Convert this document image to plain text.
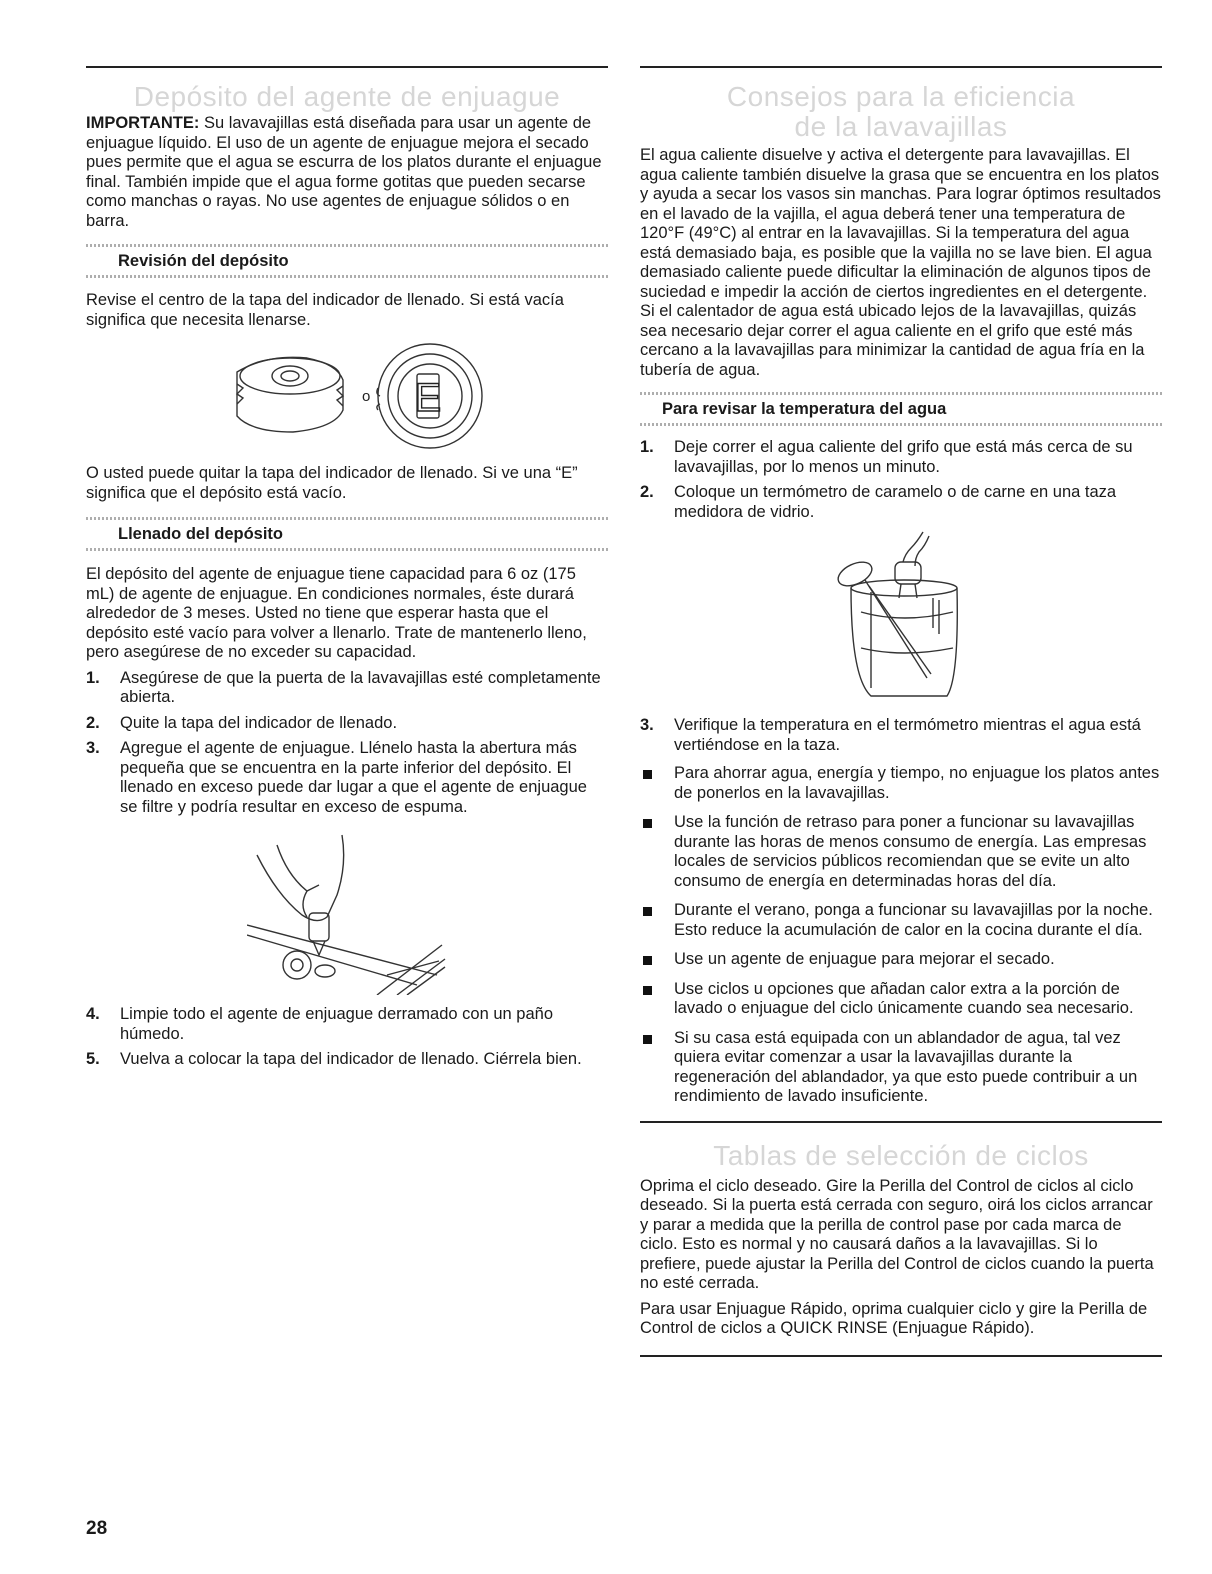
Depósito del agente de enjuague

IMPORTANTE: Su lavavajillas está diseñada para usar un agente de enjuague líquido. El uso de un agente de enjuague mejora el secado pues permite que el agua se escurra de los platos durante el enjuague final. También impide que el agua forme gotitas que pueden secarse como manchas o rayas. No use agentes de enjuague sólidos o en barra.

Revisión del depósito

Revise el centro de la tapa del indicador de llenado. Si está vacía significa que necesita llenarse.

o E

O usted puede quitar la tapa del indicador de llenado. Si ve una “E” significa que el depósito está vacío.

Llenado del depósito

El depósito del agente de enjuague tiene capacidad para 6 oz (175 mL) de agente de enjuague. En condiciones normales, éste durará alrededor de 3 meses. Usted no tiene que esperar hasta que el depósito esté vacío para volver a llenarlo. Trate de mantenerlo lleno, pero asegúrese de no exceder su capacidad.

1. Asegúrese de que la puerta de la lavavajillas esté completamente abierta.
2. Quite la tapa del indicador de llenado.
3. Agregue el agente de enjuague. Llénelo hasta la abertura más pequeña que se encuentra en la parte inferior del depósito. El llenado en exceso puede dar lugar a que el agente de enjuague se filtre y podría resultar en exceso de espuma.
4. Limpie todo el agente de enjuague derramado con un paño húmedo.
5. Vuelva a colocar la tapa del indicador de llenado. Ciérrela bien.
Consejos para la eficiencia
de la lavavajillas

El agua caliente disuelve y activa el detergente para lavavajillas. El agua caliente también disuelve la grasa que se encuentra en los platos y ayuda a secar los vasos sin manchas. Para lograr óptimos resultados en el lavado de la vajilla, el agua deberá tener una temperatura de 120°F (49°C) al entrar en la lavavajillas. Si la temperatura del agua está demasiado baja, es posible que la vajilla no se lave bien. El agua demasiado caliente puede dificultar la eliminación de algunos tipos de suciedad e impedir la acción de ciertos ingredientes en el detergente. Si el calentador de agua está ubicado lejos de la lavavajillas, quizás sea necesario dejar correr el agua caliente en el grifo que esté más cercano a la lavavajillas para minimizar la cantidad de agua fría en la tubería de agua.

Para revisar la temperatura del agua
1. Deje correr el agua caliente del grifo que está más cerca de su lavavajillas, por lo menos un minuto.
2. Coloque un termómetro de caramelo o de carne en una taza medidora de vidrio.
3. Verifique la temperatura en el termómetro mientras el agua está vertiéndose en la taza.
Para ahorrar agua, energía y tiempo, no enjuague los platos antes de ponerlos en la lavavajillas.
Use la función de retraso para poner a funcionar su lavavajillas durante las horas de menos consumo de energía. Las empresas locales de servicios públicos recomiendan que se evite un alto consumo de energía en determinadas horas del día.
Durante el verano, ponga a funcionar su lavavajillas por la noche. Esto reduce la acumulación de calor en la cocina durante el día.
Use un agente de enjuague para mejorar el secado.
Use ciclos u opciones que añadan calor extra a la porción de lavado o enjuague del ciclo únicamente cuando sea necesario.
Si su casa está equipada con un ablandador de agua, tal vez quiera evitar comenzar a usar la lavavajillas durante la regeneración del ablandador, ya que esto puede contribuir a un rendimiento de lavado insuficiente.
Tablas de selección de ciclos

Oprima el ciclo deseado. Gire la Perilla del Control de ciclos al ciclo deseado. Si la puerta está cerrada con seguro, oirá los ciclos arrancar y parar a medida que la perilla de control pase por cada marca de ciclo. Esto es normal y no causará daños a la lavavajillas. Si lo prefiere, puede ajustar la Perilla del Control de ciclos cuando la puerta no esté cerrada.

Para usar Enjuague Rápido, oprima cualquier ciclo y gire la Perilla de Control de ciclos a QUICK RINSE (Enjuague Rápido).

28
